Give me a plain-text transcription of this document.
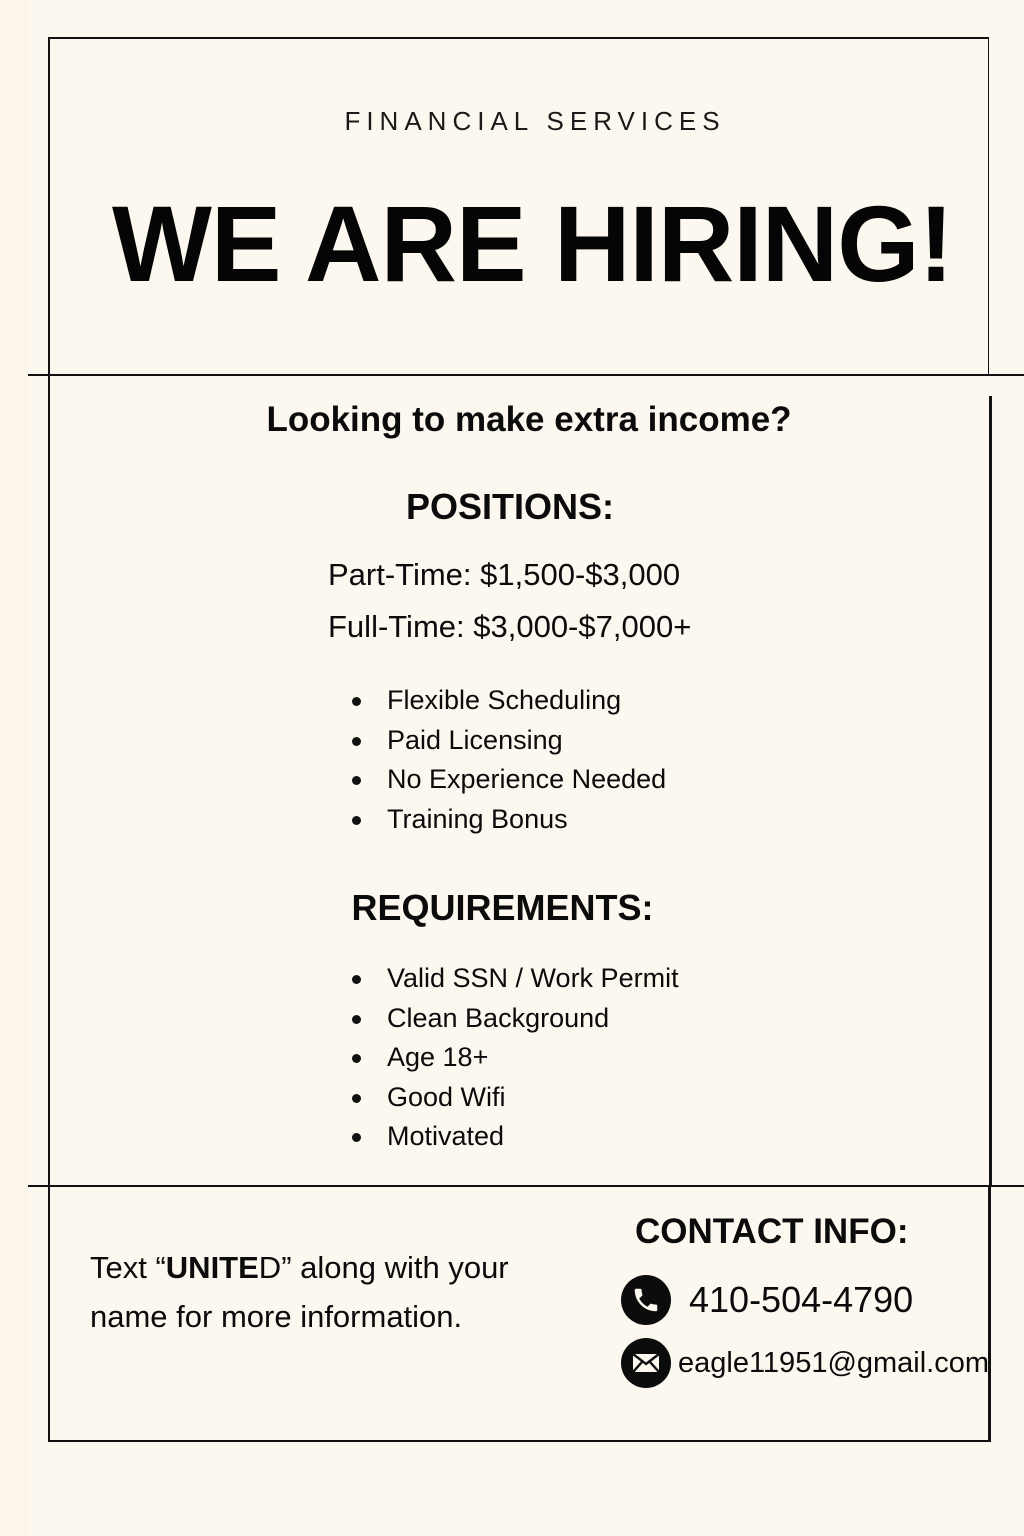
FINANCIAL SERVICES
WE ARE HIRING!
Looking to make extra income?
POSITIONS:
Part-Time: $1,500-$3,000
Full-Time: $3,000-$7,000+
Flexible Scheduling
Paid Licensing
No Experience Needed
Training Bonus
REQUIREMENTS:
Valid SSN / Work Permit
Clean Background
Age 18+
Good Wifi
Motivated
Text “UNITED” along with your name for more information.
CONTACT INFO:
410-504-4790
eagle11951@gmail.com
